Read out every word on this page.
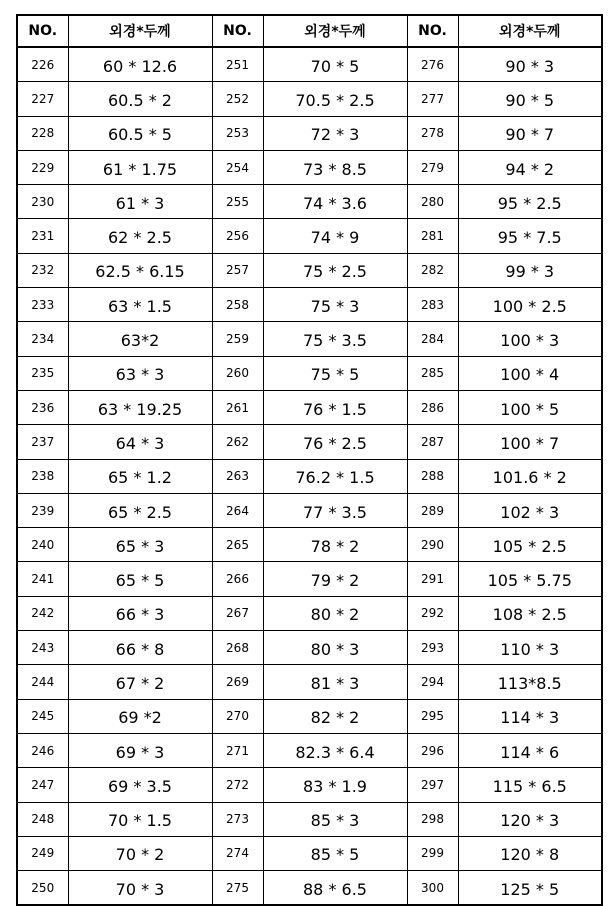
NO.	외경*두께	NO.	외경*두께	NO.	외경*두께
226	60 * 12.6	251	70 * 5	276	90 * 3
227	60.5 * 2	252	70.5 * 2.5	277	90 * 5
228	60.5 * 5	253	72 * 3	278	90 * 7
229	61 * 1.75	254	73 * 8.5	279	94 * 2
230	61 * 3	255	74 * 3.6	280	95 * 2.5
231	62 * 2.5	256	74 * 9	281	95 * 7.5
232	62.5 * 6.15	257	75 * 2.5	282	99 * 3
233	63 * 1.5	258	75 * 3	283	100 * 2.5
234	63*2	259	75 * 3.5	284	100 * 3
235	63 * 3	260	75 * 5	285	100 * 4
236	63 * 19.25	261	76 * 1.5	286	100 * 5
237	64 * 3	262	76 * 2.5	287	100 * 7
238	65 * 1.2	263	76.2 * 1.5	288	101.6 * 2
239	65 * 2.5	264	77 * 3.5	289	102 * 3
240	65 * 3	265	78 * 2	290	105 * 2.5
241	65 * 5	266	79 * 2	291	105 * 5.75
242	66 * 3	267	80 * 2	292	108 * 2.5
243	66 * 8	268	80 * 3	293	110 * 3
244	67 * 2	269	81 * 3	294	113*8.5
245	69 *2	270	82 * 2	295	114 * 3
246	69 * 3	271	82.3 * 6.4	296	114 * 6
247	69 * 3.5	272	83 * 1.9	297	115 * 6.5
248	70 * 1.5	273	85 * 3	298	120 * 3
249	70 * 2	274	85 * 5	299	120 * 8
250	70 * 3	275	88 * 6.5	300	125 * 5
